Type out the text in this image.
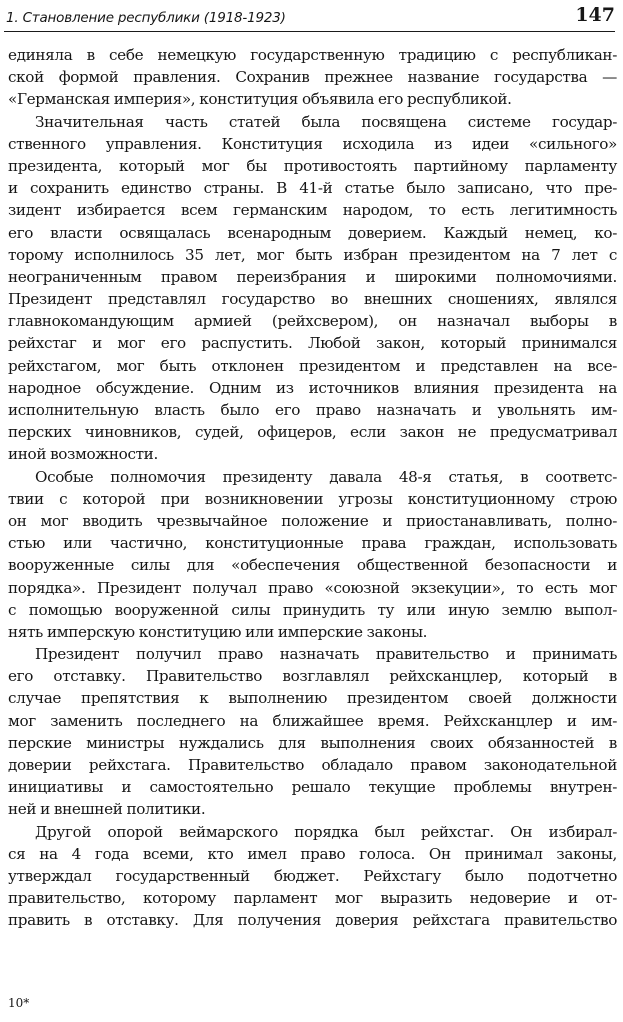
1. Становление республики (1918-1923)	147
единяла в себе немецкую государственную традицию с республикан-
ской формой правления. Сохранив прежнее название государства —
«Германская империя», конституция объявила его республикой.
Значительная часть статей была посвящена системе государ-
ственного управления. Конституция исходила из идеи «сильного»
президента, который мог бы противостоять партийному парламенту
и сохранить единство страны. В 41-й статье было записано, что пре-
зидент избирается всем германским народом, то есть легитимность
его власти освящалась всенародным доверием. Каждый немец, ко-
торому исполнилось 35 лет, мог быть избран президентом на 7 лет с
неограниченным правом переизбрания и широкими полномочиями.
Президент представлял государство во внешних сношениях, являлся
главнокомандующим армией (рейхсвером), он назначал выборы в
рейхстаг и мог его распустить. Любой закон, который принимался
рейхстагом, мог быть отклонен президентом и представлен на все-
народное обсуждение. Одним из источников влияния президента на
исполнительную власть было его право назначать и увольнять им-
перских чиновников, судей, офицеров, если закон не предусматривал
иной возможности.
Особые полномочия президенту давала 48-я статья, в соответс-
твии с которой при возникновении угрозы конституционному строю
он мог вводить чрезвычайное положение и приостанавливать, полно-
стью или частично, конституционные права граждан, использовать
вооруженные силы для «обеспечения общественной безопасности и
порядка». Президент получал право «союзной экзекуции», то есть мог
с помощью вооруженной силы принудить ту или иную землю выпол-
нять имперскую конституцию или имперские законы.
Президент получил право назначать правительство и принимать
его отставку. Правительство возглавлял рейхсканцлер, который в
случае препятствия к выполнению президентом своей должности
мог заменить последнего на ближайшее время. Рейхсканцлер и им-
перские министры нуждались для выполнения своих обязанностей в
доверии рейхстага. Правительство обладало правом законодательной
инициативы и самостоятельно решало текущие проблемы внутрен-
ней и внешней политики.
Другой опорой веймарского порядка был рейхстаг. Он избирал-
ся на 4 года всеми, кто имел право голоса. Он принимал законы,
утверждал государственный бюджет. Рейхстагу было подотчетно
правительство, которому парламент мог выразить недоверие и от-
править в отставку. Для получения доверия рейхстага правительство
10*
